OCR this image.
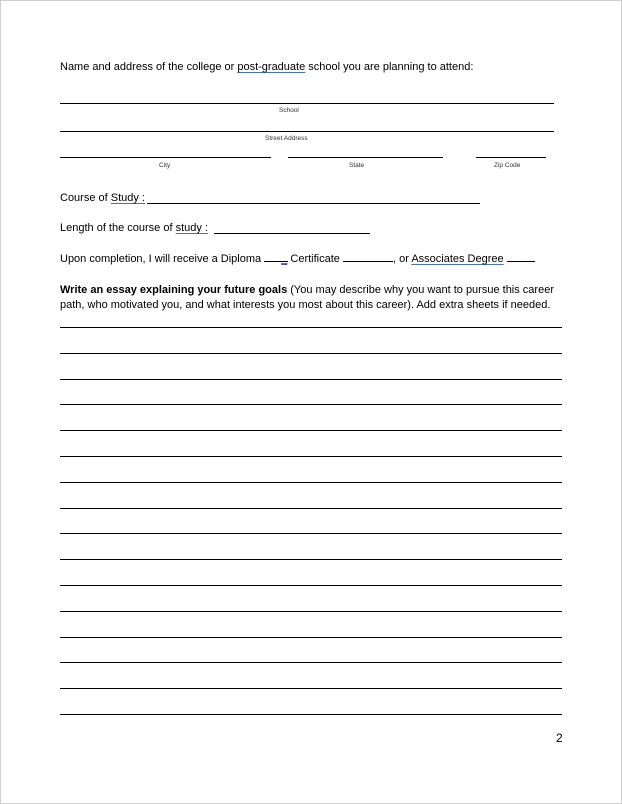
Name and address of the college or post-graduate school you are planning to attend:
School
Street Address
City	State	Zip Code
Course of Study :
Length of the course of study :
Upon completion, I will receive a Diploma _ Certificate	, or Associates Degree
Write an essay explaining your future goals (You may describe why you want to pursue this career
path, who motivated you, and what interests you most about this career). Add extra sheets if needed.
2
